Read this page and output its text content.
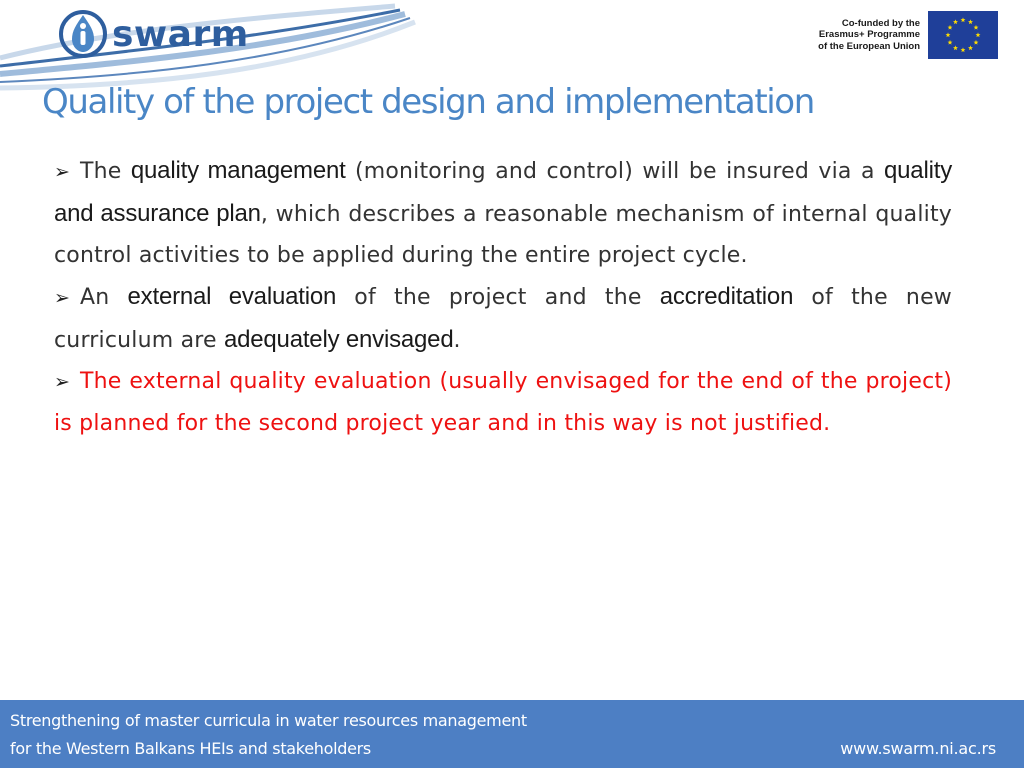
swarm	Co-funded by the
Erasmus+ Programme
of the European Union
Quality of the project design and implementation

➢ The quality management (monitoring and control) will be insured via a quality and assurance plan, which describes a reasonable mechanism of internal quality control activities to be applied during the entire project cycle.

➢ An external evaluation of the project and the accreditation of the new curriculum are adequately envisaged.

➢ The external quality evaluation (usually envisaged for the end of the project) is planned for the second project year and in this way is not justified.

Strengthening of master curricula in water resources management
for the Western Balkans HEIs and stakeholders	www.swarm.ni.ac.rs
